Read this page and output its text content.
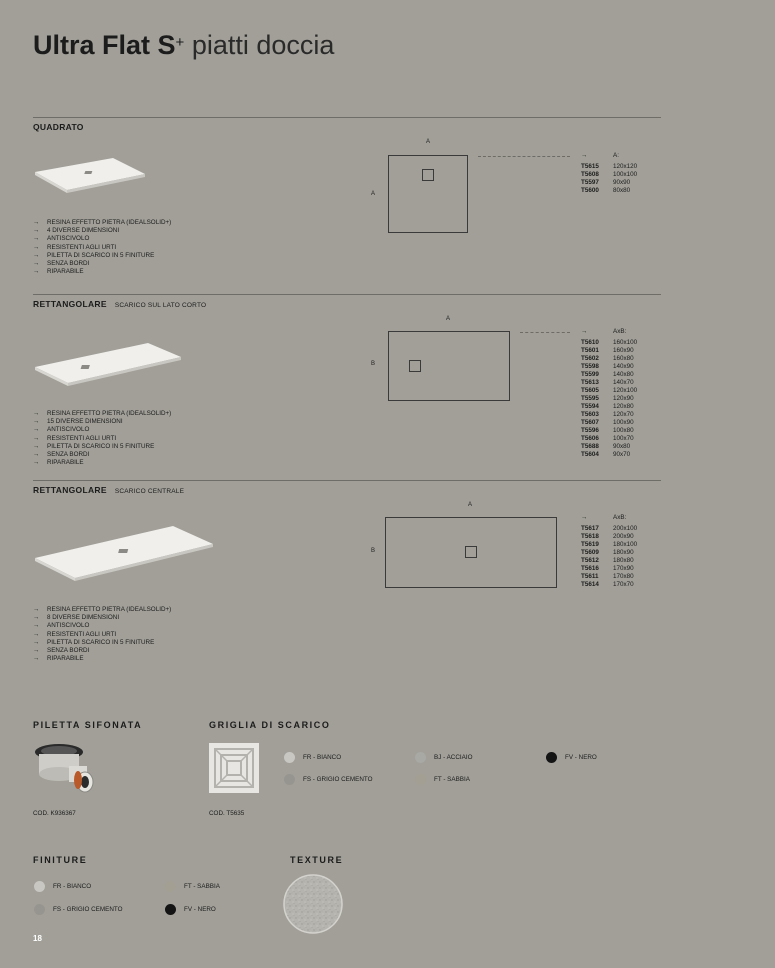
Ultra Flat S+ piatti doccia
QUADRATO
→ RESINA EFFETTO PIETRA (IDEALSOLID+)
→ 4 DIVERSE DIMENSIONI
→ ANTISCIVOLO
→ RESISTENTI AGLI URTI
→ PILETTA DI SCARICO IN 5 FINITURE
→ SENZA BORDI
→ RIPARABILE
A
A
→	A:
T5615	120x120
T5608	100x100
T5597	90x90
T5600	80x80
RETTANGOLARE SCARICO SUL LATO CORTO
→ RESINA EFFETTO PIETRA (IDEALSOLID+)
→ 15 DIVERSE DIMENSIONI
→ ANTISCIVOLO
→ RESISTENTI AGLI URTI
→ PILETTA DI SCARICO IN 5 FINITURE
→ SENZA BORDI
→ RIPARABILE
A
B
→	AxB:
T5610	160x100
T5601	160x90
T5602	160x80
T5598	140x90
T5599	140x80
T5613	140x70
T5605	120x100
T5595	120x90
T5594	120x80
T5603	120x70
T5607	100x90
T5596	100x80
T5606	100x70
T5688	90x80
T5604	90x70
RETTANGOLARE SCARICO CENTRALE
→ RESINA EFFETTO PIETRA (IDEALSOLID+)
→ 8 DIVERSE DIMENSIONI
→ ANTISCIVOLO
→ RESISTENTI AGLI URTI
→ PILETTA DI SCARICO IN 5 FINITURE
→ SENZA BORDI
→ RIPARABILE
A
B
→	AxB:
T5617	200x100
T5618	200x90
T5619	180x100
T5609	180x90
T5612	180x80
T5616	170x90
T5611	170x80
T5614	170x70
PILETTA SIFONATA
COD. K936367
GRIGLIA DI SCARICO
COD. T5635
FR - BIANCO	BJ - ACCIAIO	FV - NERO
FS - GRIGIO CEMENTO	FT - SABBIA
FINITURE
FR - BIANCO	FT - SABBIA
FS - GRIGIO CEMENTO	FV - NERO
TEXTURE
18
